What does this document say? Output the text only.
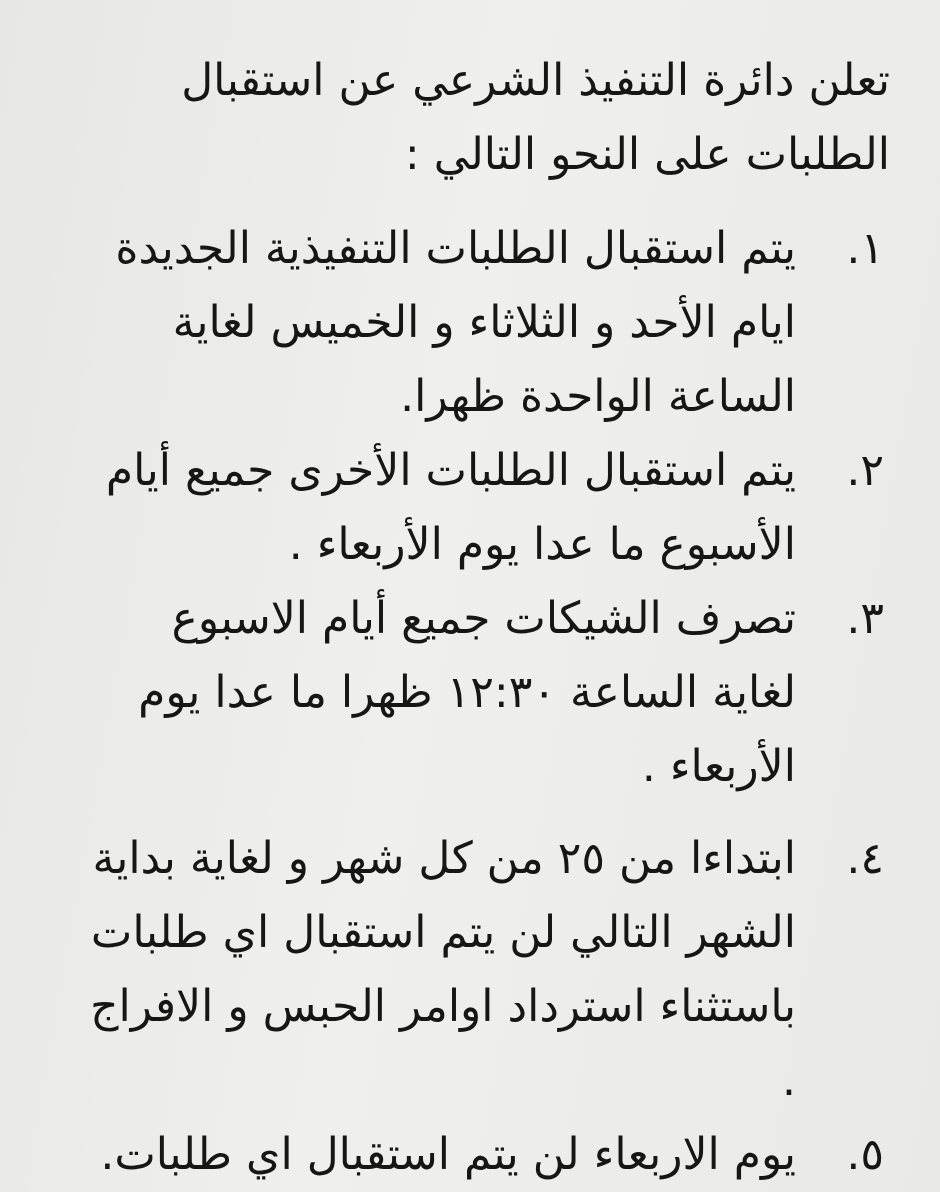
تعلن دائرة التنفيذ الشرعي عن استقبال الطلبات على النحو التالي :

١.
يتم استقبال الطلبات التنفيذية الجديدة ايام الأحد و الثلاثاء و الخميس لغاية الساعة الواحدة ظهرا.
٢.
يتم استقبال الطلبات الأخرى جميع أيام الأسبوع ما عدا يوم الأربعاء .
٣.
تصرف الشيكات جميع أيام الاسبوع لغاية الساعة ١٢:٣٠ ظهرا ما عدا يوم الأربعاء .
٤.
ابتداءا من ٢٥ من كل شهر و لغاية بداية الشهر التالي لن يتم استقبال اي طلبات باستثناء استرداد اوامر الحبس و الافراج .
٥.
يوم الاربعاء لن يتم استقبال اي طلبات.
